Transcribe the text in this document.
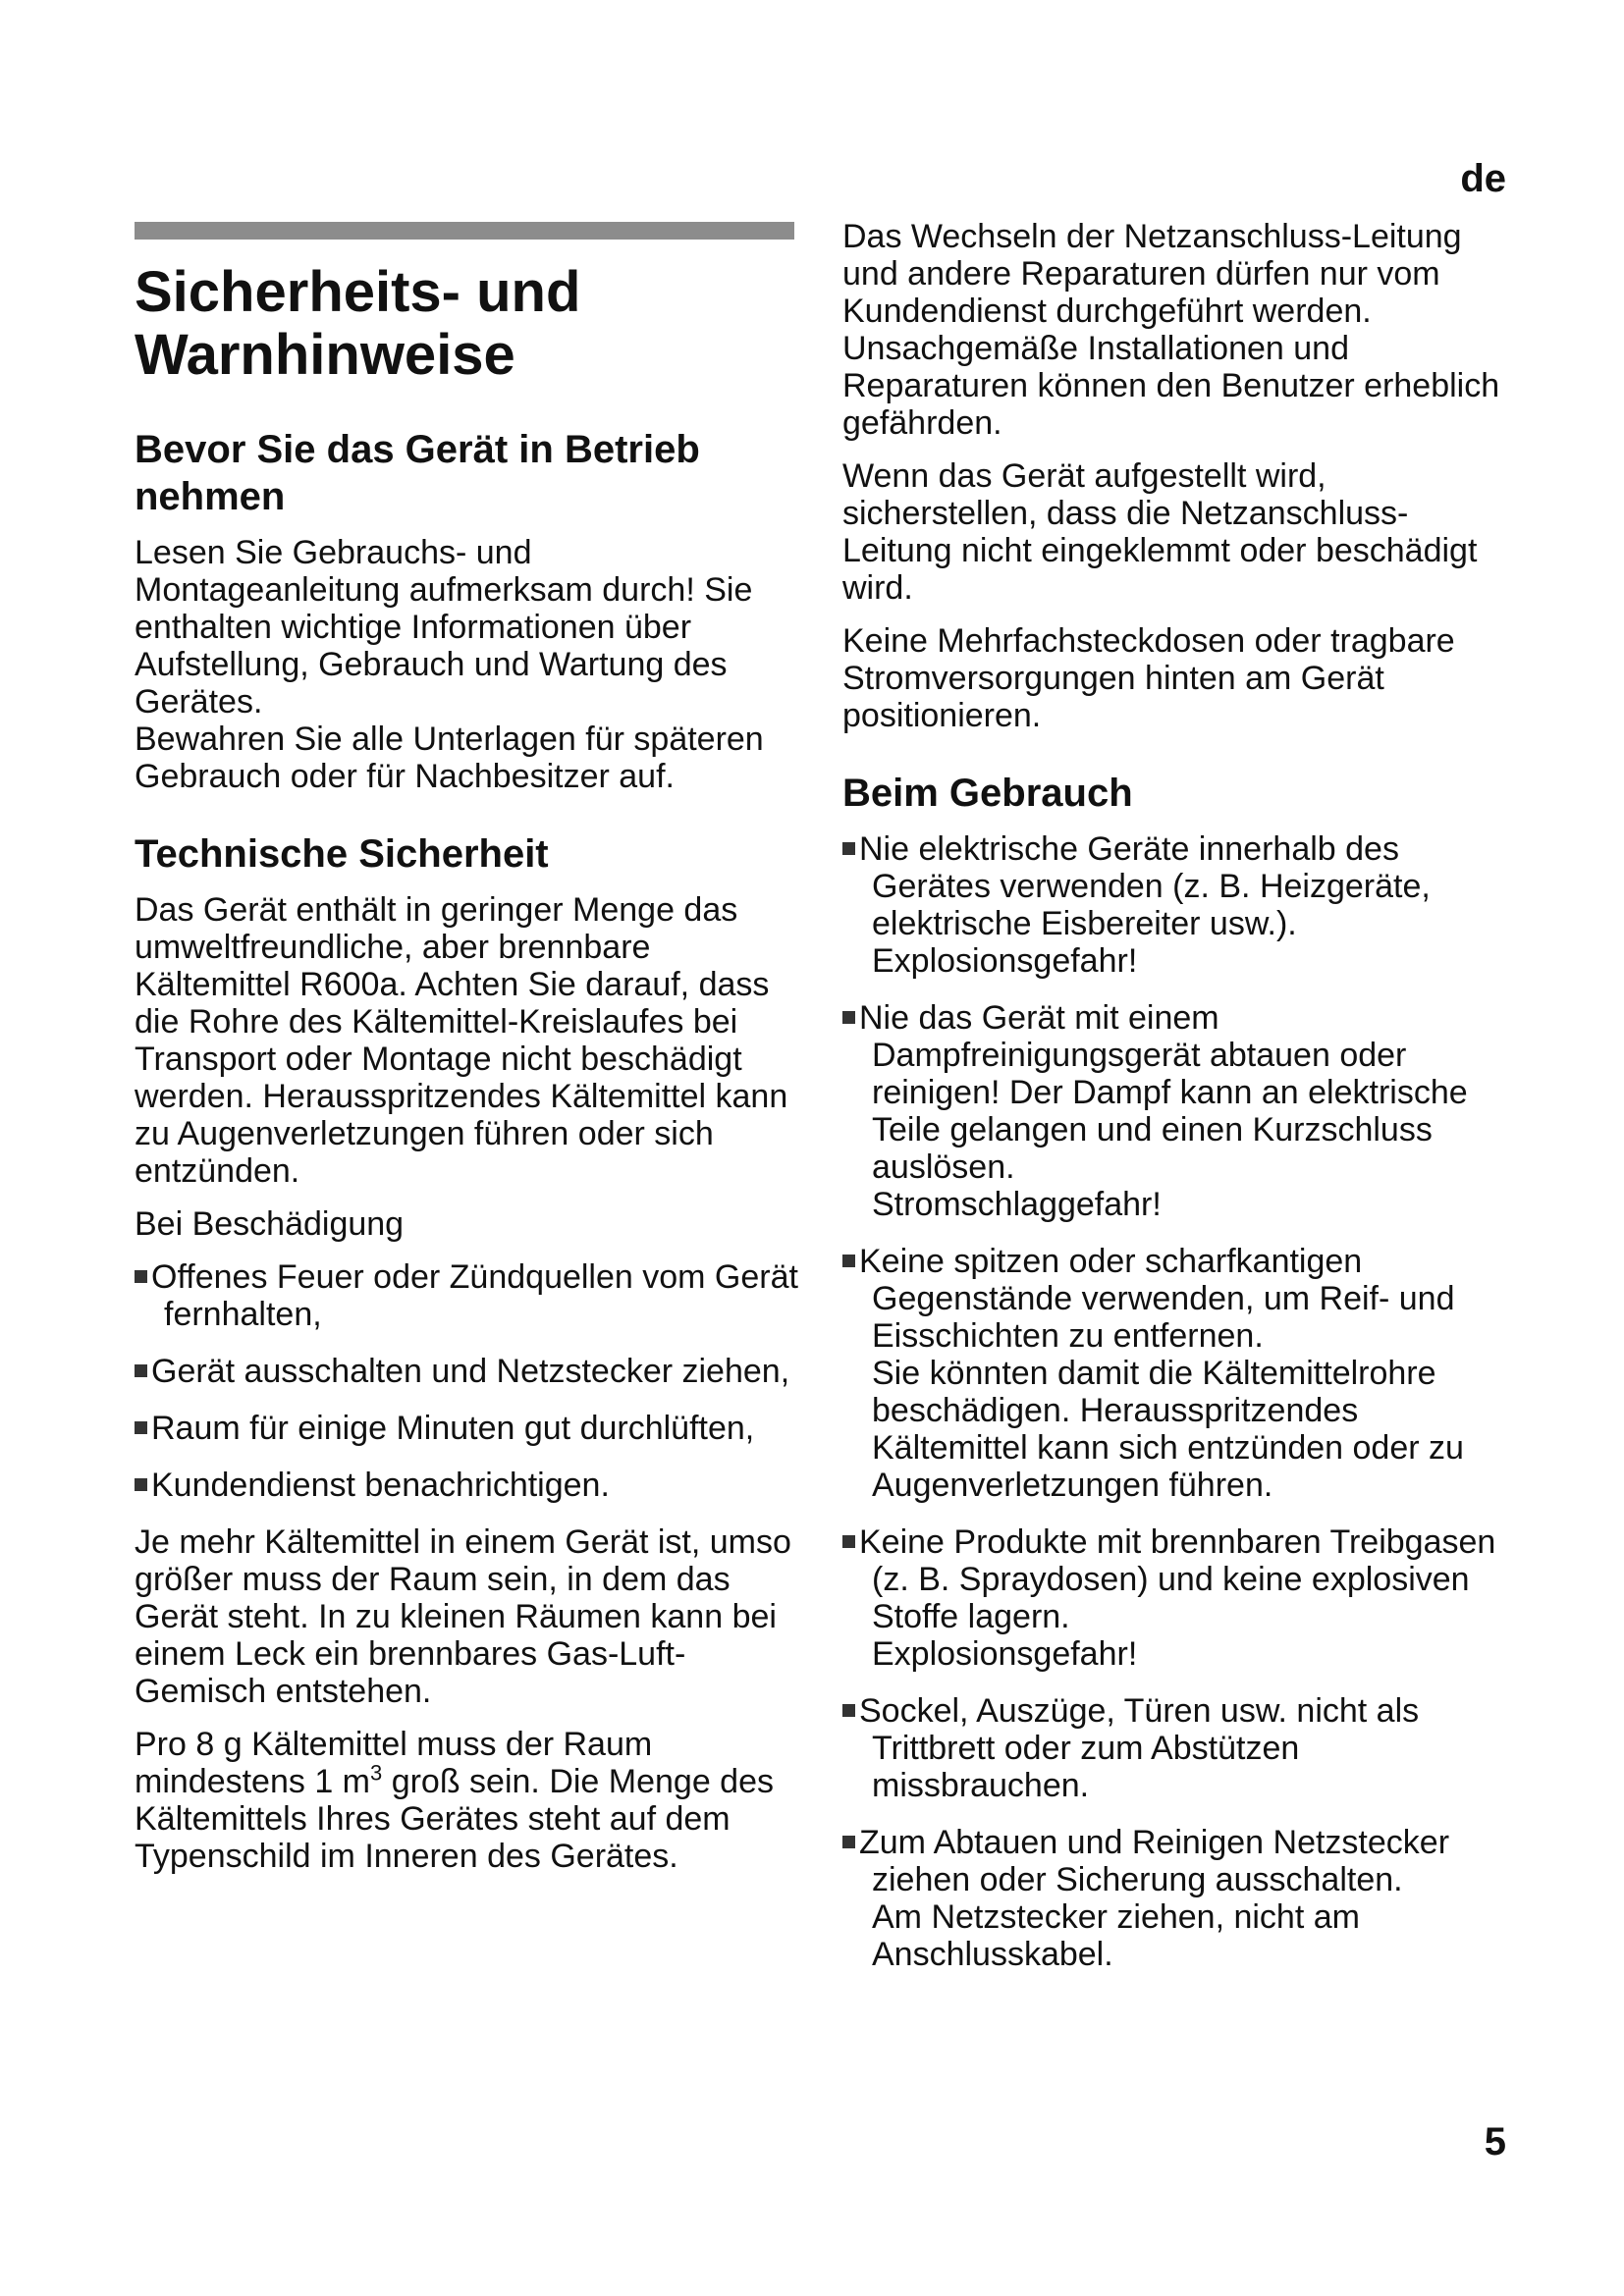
de
Sicherheits- und
Warnhinweise
Bevor Sie das Gerät in Betrieb nehmen

Lesen Sie Gebrauchs- und Montageanleitung aufmerksam durch! Sie enthalten wichtige Informationen über Aufstellung, Gebrauch und Wartung des Gerätes.

Bewahren Sie alle Unterlagen für späteren Gebrauch oder für Nachbesitzer auf.

Technische Sicherheit

Das Gerät enthält in geringer Menge das umweltfreundliche, aber brennbare Kältemittel R600a. Achten Sie darauf, dass die Rohre des Kältemittel-Kreislaufes bei Transport oder Montage nicht beschädigt werden. Herausspritzendes Kältemittel kann zu Augenverletzungen führen oder sich entzünden.

Bei Beschädigung

Offenes Feuer oder Zündquellen vom Gerät fernhalten,
Gerät ausschalten und Netzstecker ziehen,
Raum für einige Minuten gut durchlüften,
Kundendienst benachrichtigen.

Je mehr Kältemittel in einem Gerät ist, umso größer muss der Raum sein, in dem das Gerät steht. In zu kleinen Räumen kann bei einem Leck ein brennbares Gas-Luft-Gemisch entstehen.

Pro 8 g Kältemittel muss der Raum mindestens 1 $m^3$ groß sein. Die Menge des Kältemittels Ihres Gerätes steht auf dem Typenschild im Inneren des Gerätes.

Das Wechseln der Netzanschluss-Leitung und andere Reparaturen dürfen nur vom Kundendienst durchgeführt werden. Unsachgemäße Installationen und Reparaturen können den Benutzer erheblich gefährden.

Wenn das Gerät aufgestellt wird, sicherstellen, dass die Netzanschluss-Leitung nicht eingeklemmt oder beschädigt wird.

Keine Mehrfachsteckdosen oder tragbare Stromversorgungen hinten am Gerät positionieren.

Beim Gebrauch
Nie elektrische Geräte innerhalb des Gerätes verwenden (z. B. Heizgeräte, elektrische Eisbereiter usw.).
Explosionsgefahr!
Nie das Gerät mit einem Dampfreinigungsgerät abtauen oder reinigen! Der Dampf kann an elektrische Teile gelangen und einen Kurzschluss auslösen.
Stromschlaggefahr!
Keine spitzen oder scharfkantigen Gegenstände verwenden, um Reif- und Eisschichten zu entfernen.
Sie könnten damit die Kältemittelrohre beschädigen. Herausspritzendes Kältemittel kann sich entzünden oder zu Augenverletzungen führen.
Keine Produkte mit brennbaren Treibgasen (z. B. Spraydosen) und keine explosiven Stoffe lagern.
Explosionsgefahr!
Sockel, Auszüge, Türen usw. nicht als Trittbrett oder zum Abstützen missbrauchen.
Zum Abtauen und Reinigen Netzstecker ziehen oder Sicherung ausschalten.
Am Netzstecker ziehen, nicht am Anschlusskabel.
5
